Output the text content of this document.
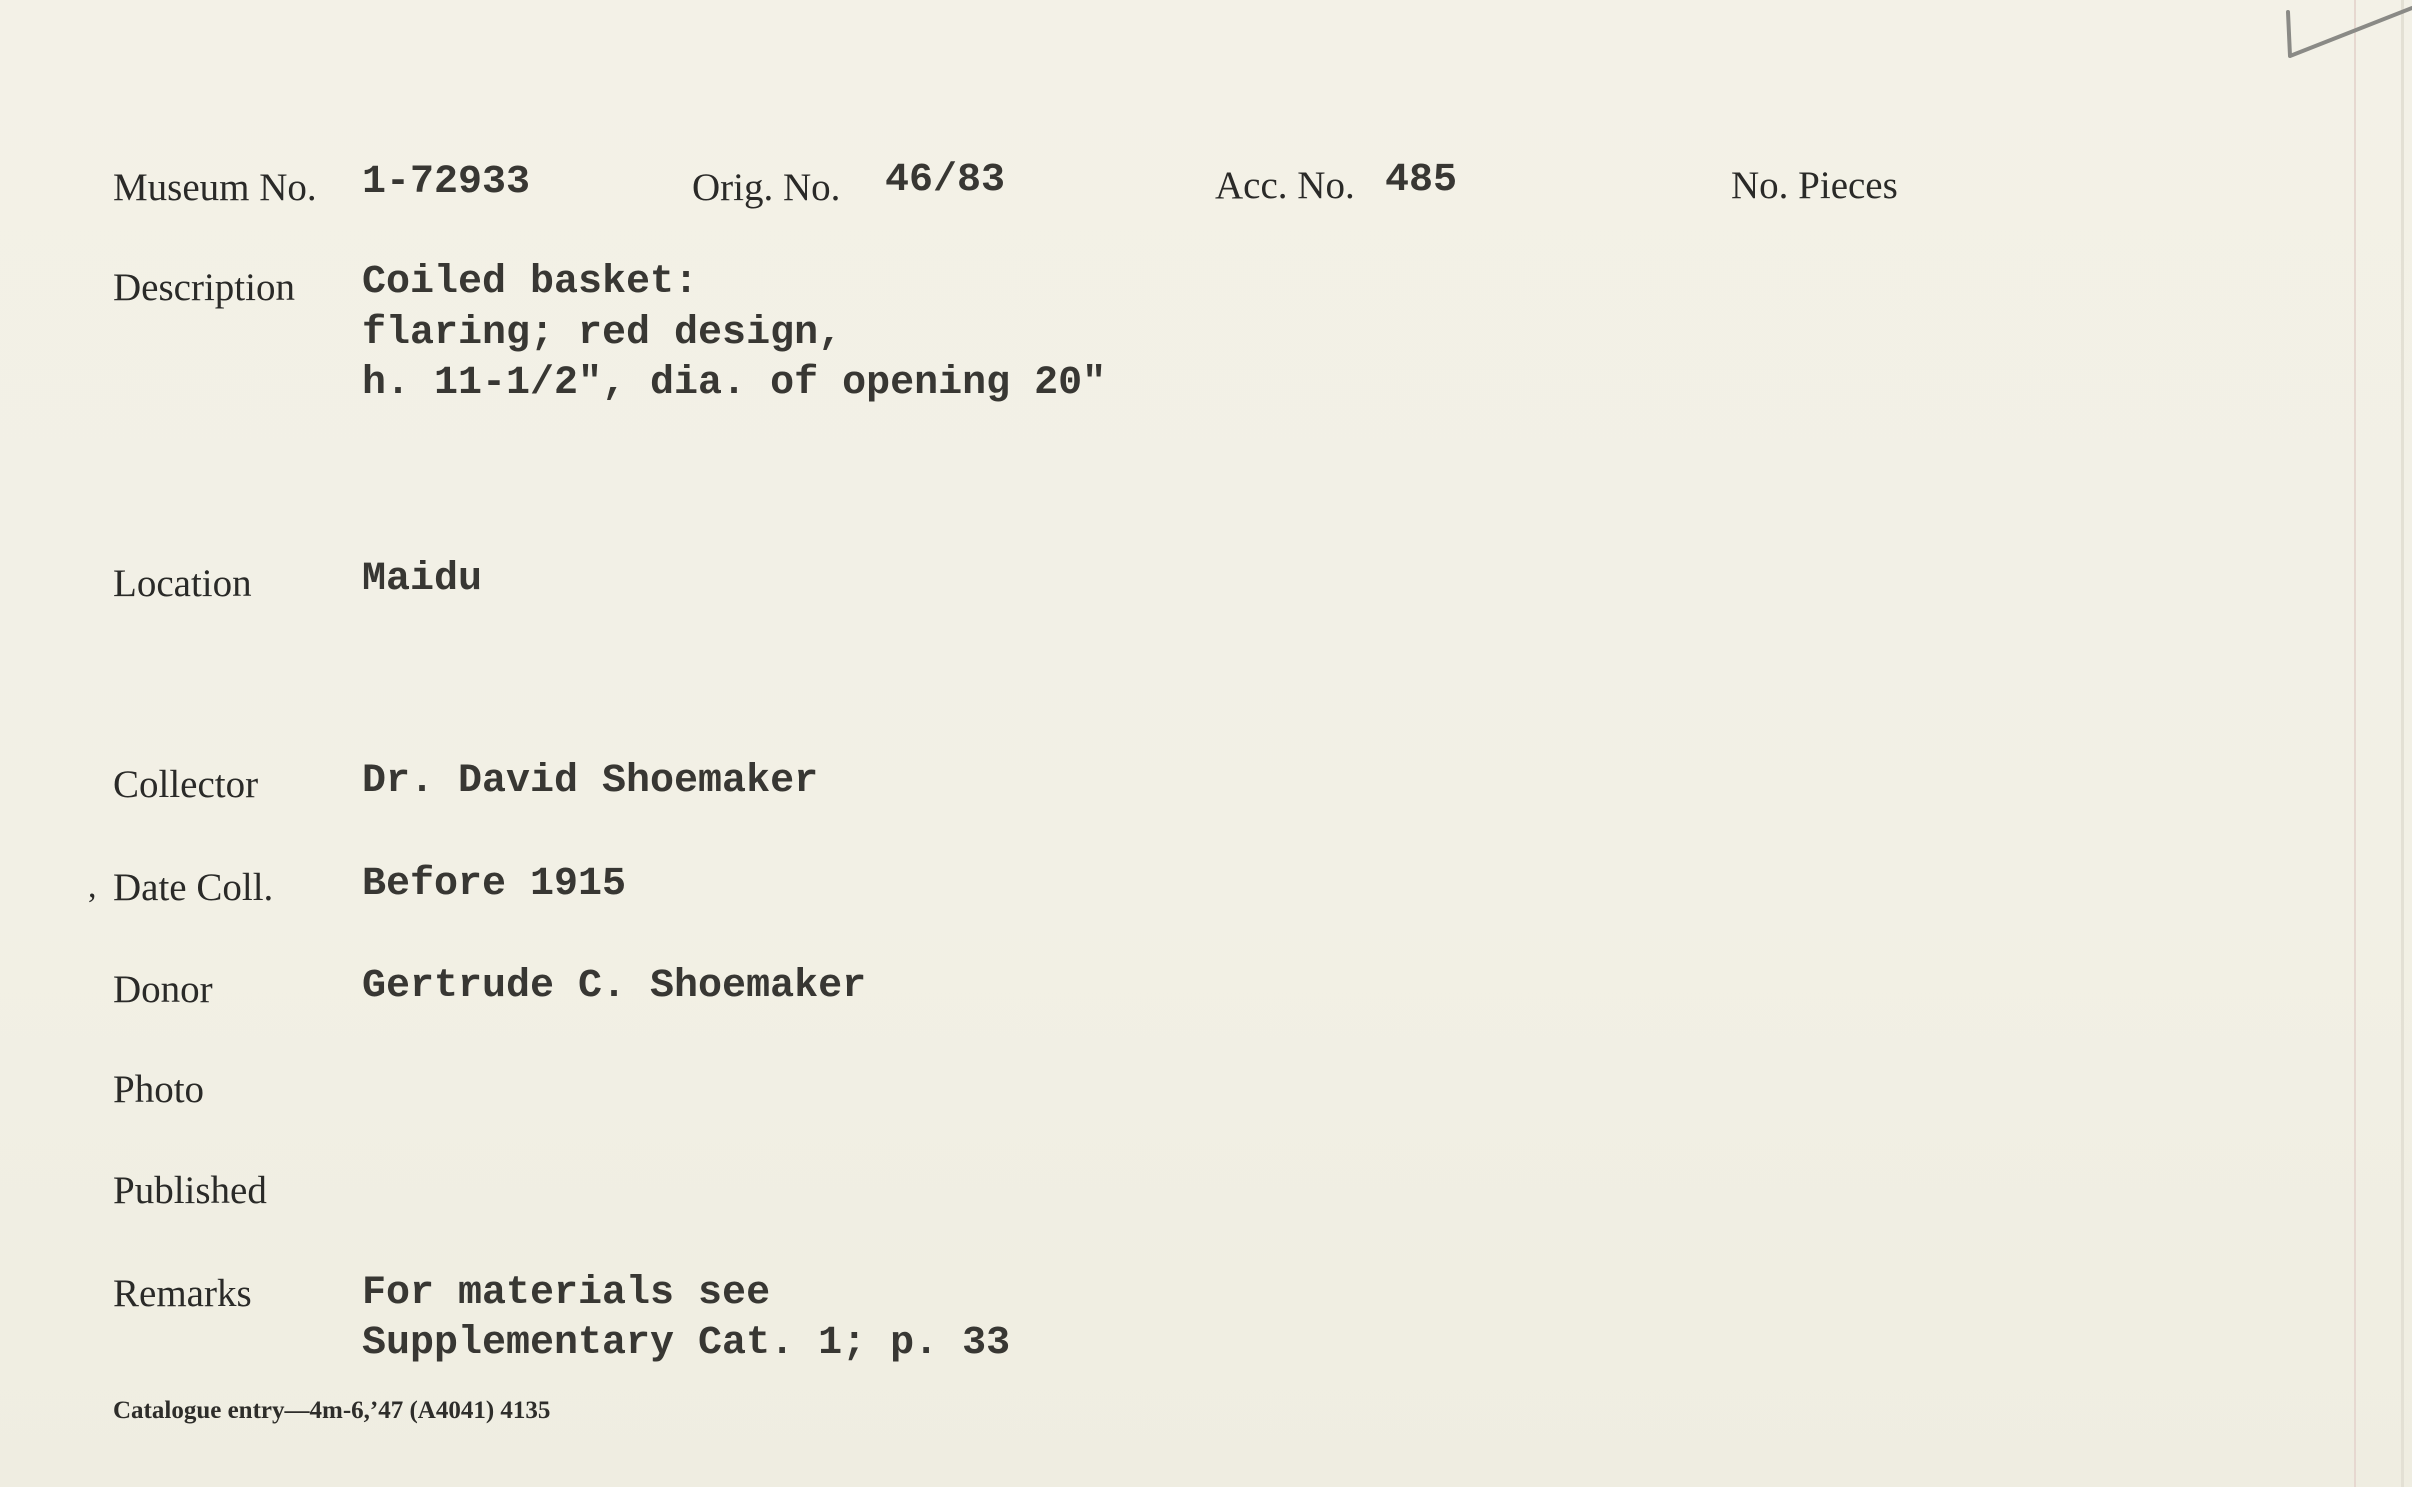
Museum No. 1-72933	Orig. No. 46/83	Acc. No. 485	No. Pieces
Description Coiled basket:
flaring; red design,
h. 11-1/2", dia. of opening 20"
Location	Maidu
Collector	Dr. David Shoemaker
, Date Coll. Before 1915
Donor	Gertrude C. Shoemaker
Photo
Published
Remarks	For materials see
Supplementary Cat. 1; p. 33
Catalogue entry—4m-6,’47 (A4041) 4135
